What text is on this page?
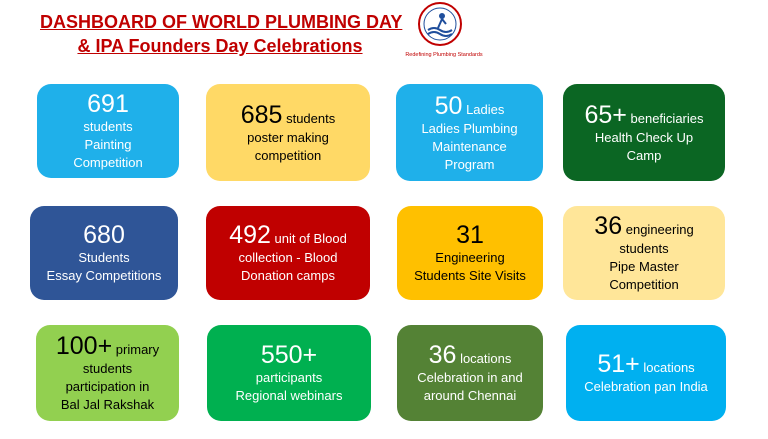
DASHBOARD OF WORLD PLUMBING DAY
& IPA Founders Day Celebrations	Redefining Plumbing Standards
691
students
Painting
Competition
685 students
poster making
competition
50 Ladies
Ladies Plumbing
Maintenance
Program
65+ beneficiaries
Health Check Up
Camp
680
Students
Essay Competitions
492 unit of Blood
collection - Blood
Donation camps
31
Engineering
Students Site Visits
36 engineering
students
Pipe Master
Competition
100+ primary
students
participation in
Bal Jal Rakshak
550+
participants
Regional webinars
36 locations
Celebration in and
around Chennai
51+ locations
Celebration pan India
